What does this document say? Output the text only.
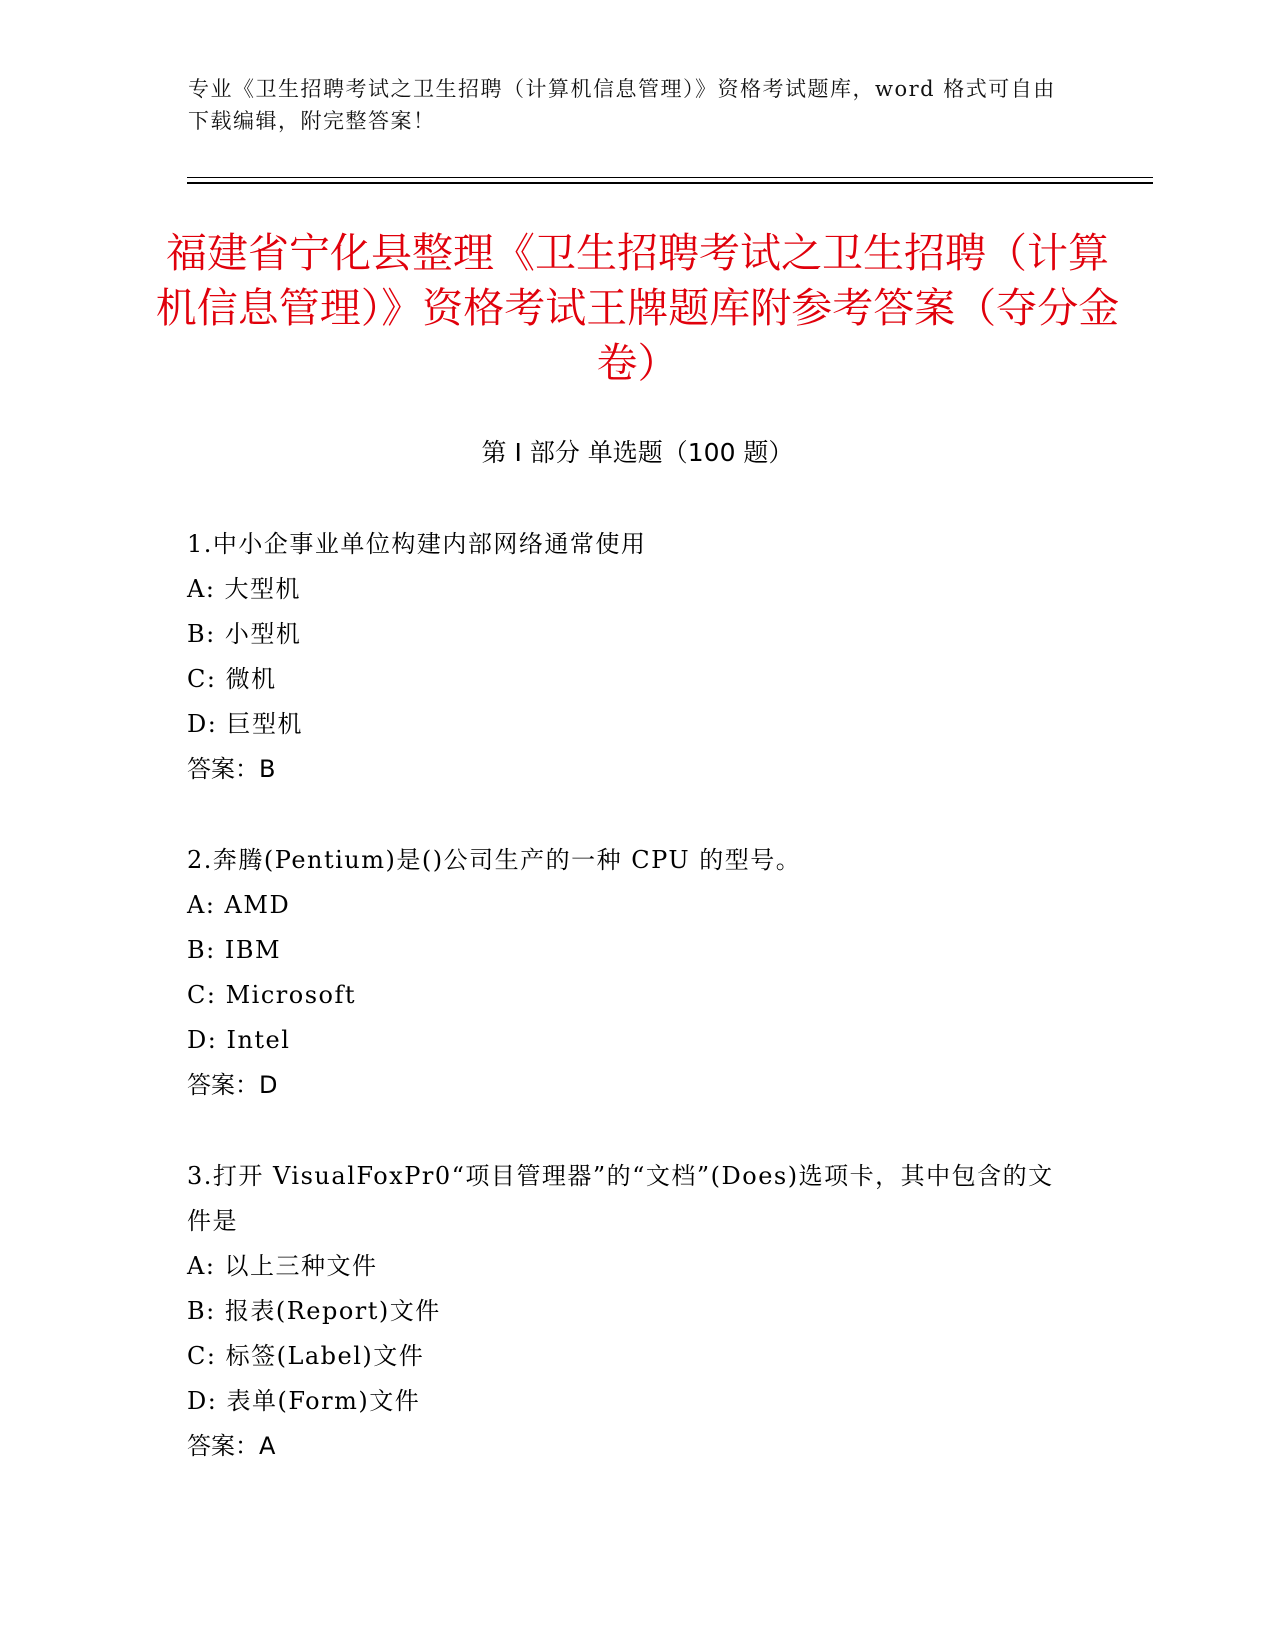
专业《卫生招聘考试之卫生招聘（计算机信息管理）》资格考试题库，word 格式可自由下载编辑，附完整答案！
福建省宁化县整理《卫生招聘考试之卫生招聘（计算机信息管理）》资格考试王牌题库附参考答案（夺分金卷）
第 I 部分 单选题（100 题）

1.中小企事业单位构建内部网络通常使用

A: 大型机

B: 小型机

C: 微机

D: 巨型机

答案：B

2.奔腾(Pentium)是()公司生产的一种 CPU 的型号。

A: AMD

B: IBM

C: Microsoft

D: Intel

答案：D

3.打开 VisualFoxPr0“项目管理器”的“文档”(Does)选项卡，其中包含的文件是

A: 以上三种文件

B: 报表(Report)文件

C: 标签(Label)文件

D: 表单(Form)文件

答案：A
